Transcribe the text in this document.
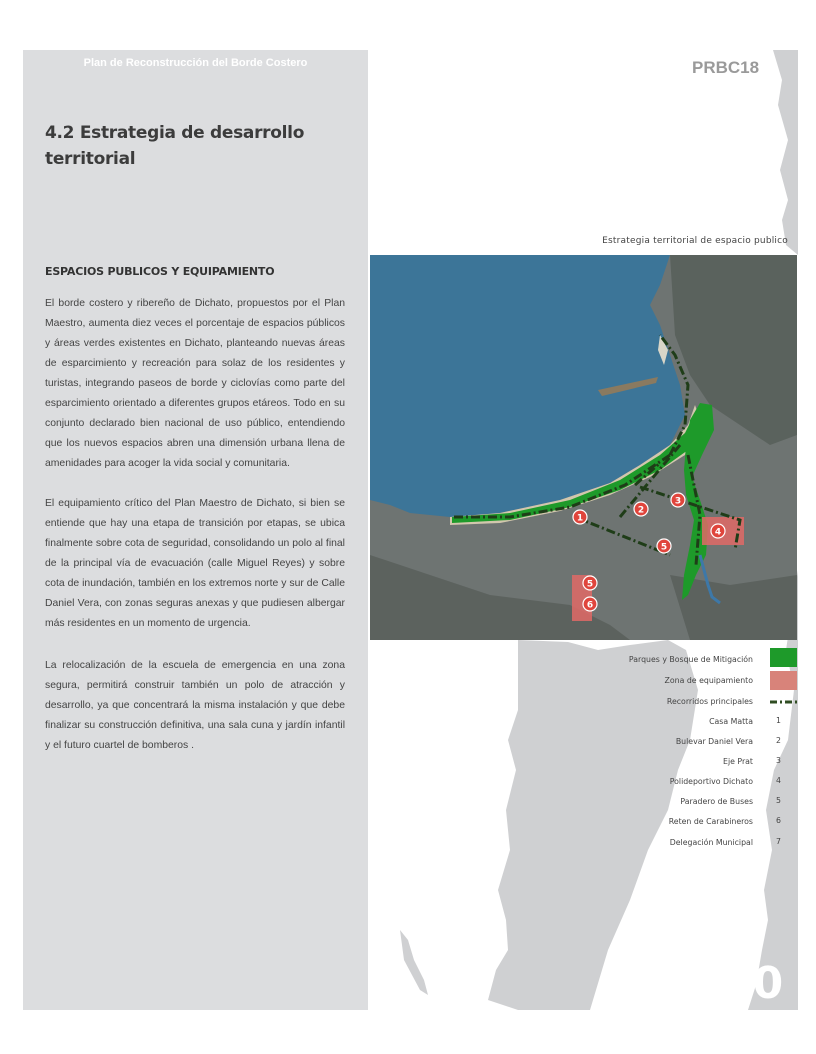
Plan de Reconstrucción del Borde Costero	PRBC18
4.2 Estrategia de desarrollo territorial
ESPACIOS PUBLICOS Y EQUIPAMIENTO

El borde costero y ribereño de Dichato, propuestos por el Plan Maestro, aumenta diez veces el porcentaje de espacios públicos y áreas verdes existentes en Dichato, planteando nuevas áreas de esparcimiento y recreación para solaz de los residentes y turistas, integrando paseos de borde y ciclovías como parte del esparcimiento orientado a diferentes grupos etáreos. Todo en su conjunto declarado bien nacional de uso público, entendiendo que los nuevos espacios abren una dimensión urbana llena de amenidades para acoger la vida social y comunitaria.

El equipamiento crítico del Plan Maestro de Dichato, si bien se entiende que hay una etapa de transición por etapas, se ubica finalmente sobre cota de seguridad, consolidando un polo al final de la principal vía de evacuación (calle Miguel Reyes) y sobre cota de inundación, también en los extremos norte y sur de Calle Daniel Vera, con zonas seguras anexas y que pudiesen albergar más residentes en un momento de urgencia.

La relocalización de la escuela de emergencia en una zona segura, permitirá construir también un polo de atracción y desarrollo, ya que concentrará la misma instalación y que debe finalizar su construcción definitiva, una sala cuna y jardín infantil y el futuro cuartel de bomberos .

Estrategia territorial de espacio publico
1
2
3
4
5
5
6
Parques y Bosque de Mitigación
Zona de equipamiento
Recorridos principales
Casa Matta	1
Bulevar Daniel Vera	2
Eje Prat	3
Polideportivo Dichato	4
Paradero de Buses	5
Reten de Carabineros	6
Delegación Municipal	7
20
